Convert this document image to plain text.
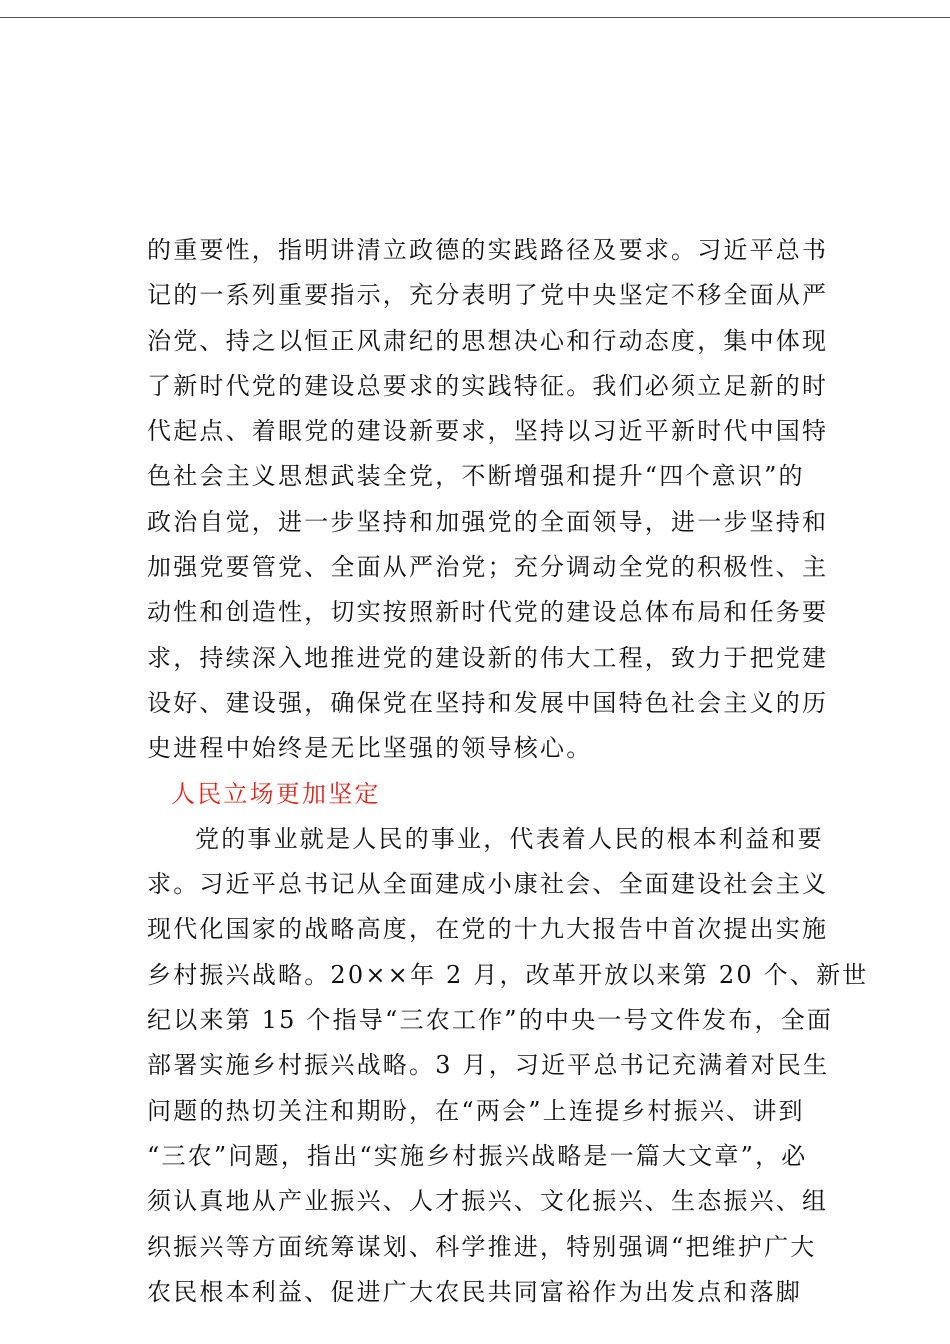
的重要性，指明讲清立政德的实践路径及要求。习近平总书
记的一系列重要指示，充分表明了党中央坚定不移全面从严
治党、持之以恒正风肃纪的思想决心和行动态度，集中体现
了新时代党的建设总要求的实践特征。我们必须立足新的时
代起点、着眼党的建设新要求，坚持以习近平新时代中国特
色社会主义思想武装全党，不断增强和提升“四个意识”的
政治自觉，进一步坚持和加强党的全面领导，进一步坚持和
加强党要管党、全面从严治党；充分调动全党的积极性、主
动性和创造性，切实按照新时代党的建设总体布局和任务要
求，持续深入地推进党的建设新的伟大工程，致力于把党建
设好、建设强，确保党在坚持和发展中国特色社会主义的历
史进程中始终是无比坚强的领导核心。
人民立场更加坚定
党的事业就是人民的事业，代表着人民的根本利益和要
求。习近平总书记从全面建成小康社会、全面建设社会主义
现代化国家的战略高度，在党的十九大报告中首次提出实施
乡村振兴战略。20××年 2 月，改革开放以来第 20 个、新世
纪以来第 15 个指导“三农工作”的中央一号文件发布，全面
部署实施乡村振兴战略。3 月，习近平总书记充满着对民生
问题的热切关注和期盼，在“两会”上连提乡村振兴、讲到
“三农”问题，指出“实施乡村振兴战略是一篇大文章”，必
须认真地从产业振兴、人才振兴、文化振兴、生态振兴、组
织振兴等方面统筹谋划、科学推进，特别强调“把维护广大
农民根本利益、促进广大农民共同富裕作为出发点和落脚
